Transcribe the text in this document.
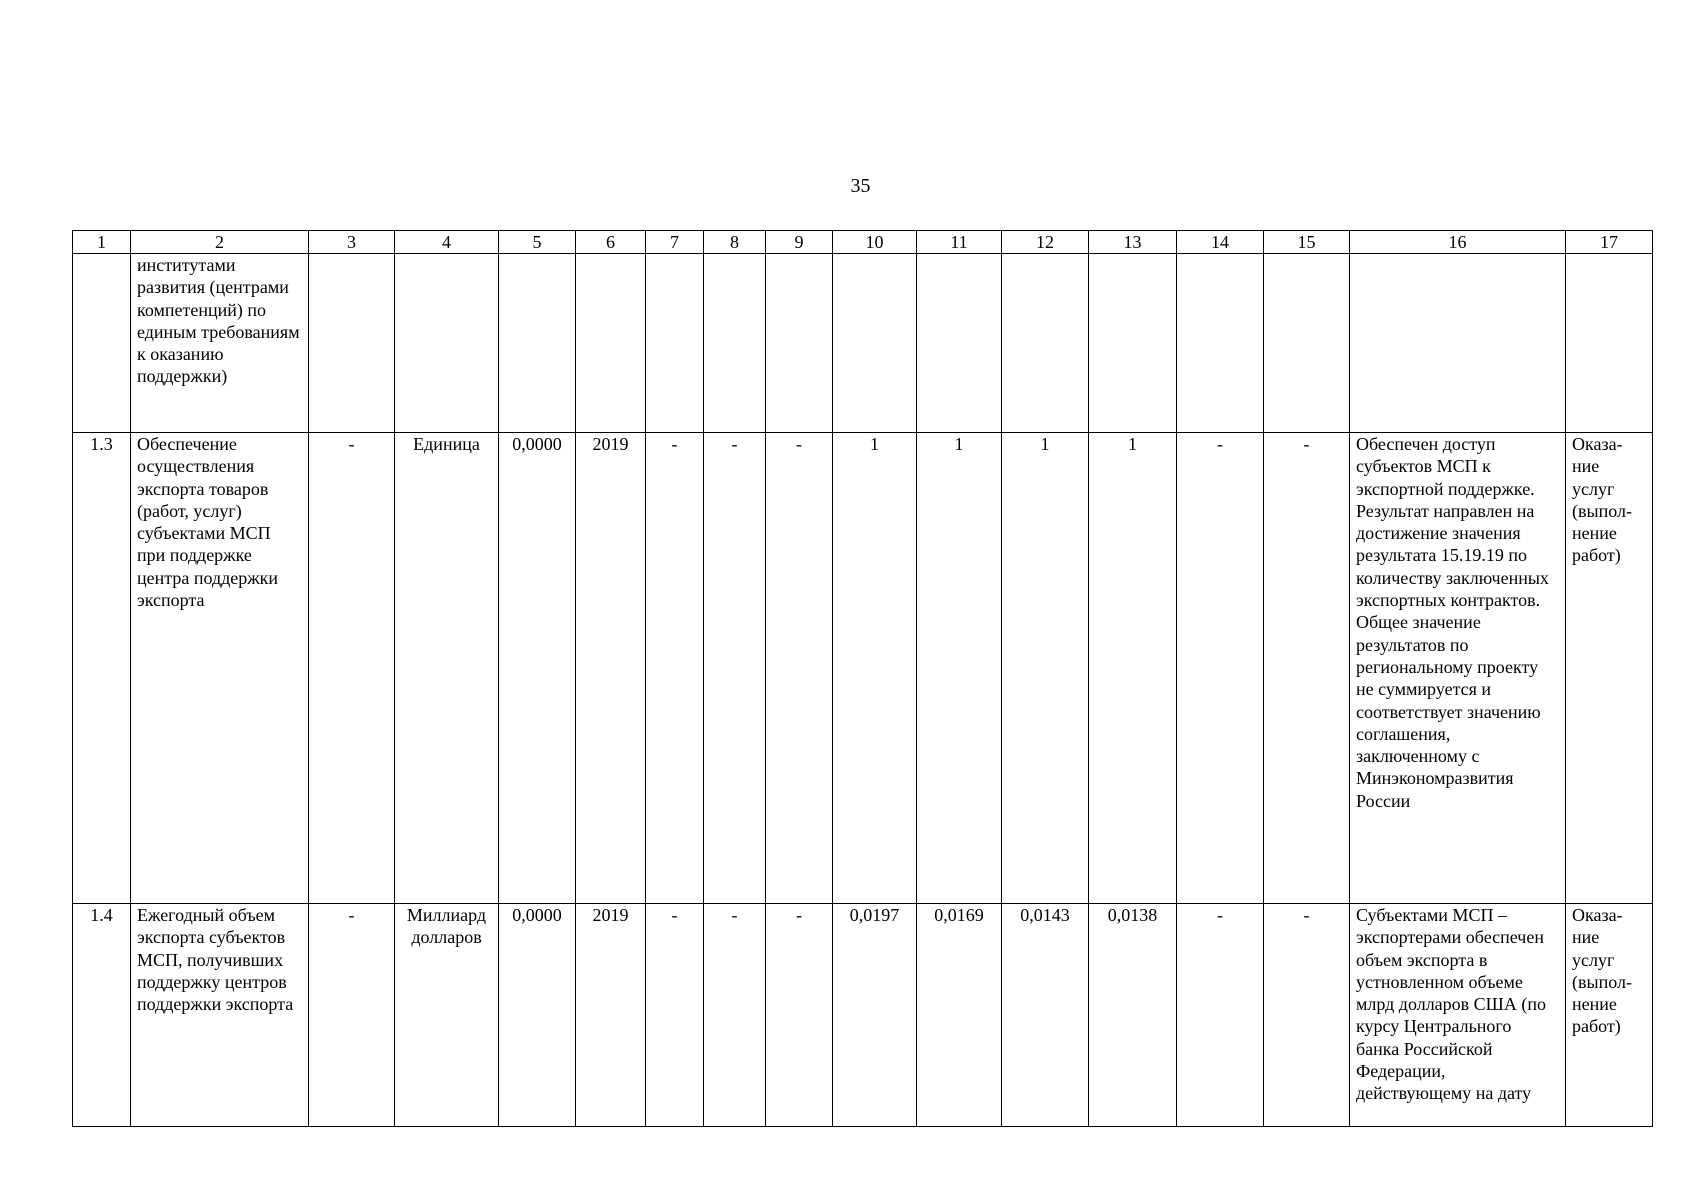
35
1	2	3	4	5	6	7	8	9	10	11	12	13	14	15	16	17
	институтами развития (центрами компетенций) по единым требованиям к оказанию поддержки)															
1.3	Обеспечение осуществления экспорта товаров (работ, услуг) субъектами МСП при поддержке центра поддержки экспорта	-	Единица	0,0000	2019	-	-	-	1	1	1	1	-	-	Обеспечен доступ субъектов МСП к экспортной поддержке. Результат направлен на достижение значения результата 15.19.19 по количеству заключенных экспортных контрактов. Общее значение результатов по региональному проекту не суммируется и соответствует значению соглашения, заключенному с Минэкономразвития России	Оказа-ние услуг (выпол-нение работ)
1.4	Ежегодный объем экспорта субъектов МСП, получивших поддержку центров поддержки экспорта	-	Миллиард долларов	0,0000	2019	-	-	-	0,0197	0,0169	0,0143	0,0138	-	-	Субъектами МСП – экспортерами обеспечен объем экспорта в устновленном объеме млрд долларов США (по курсу Центрального банка Российской Федерации, действующему на дату	Оказа-ние услуг (выпол-нение работ)
